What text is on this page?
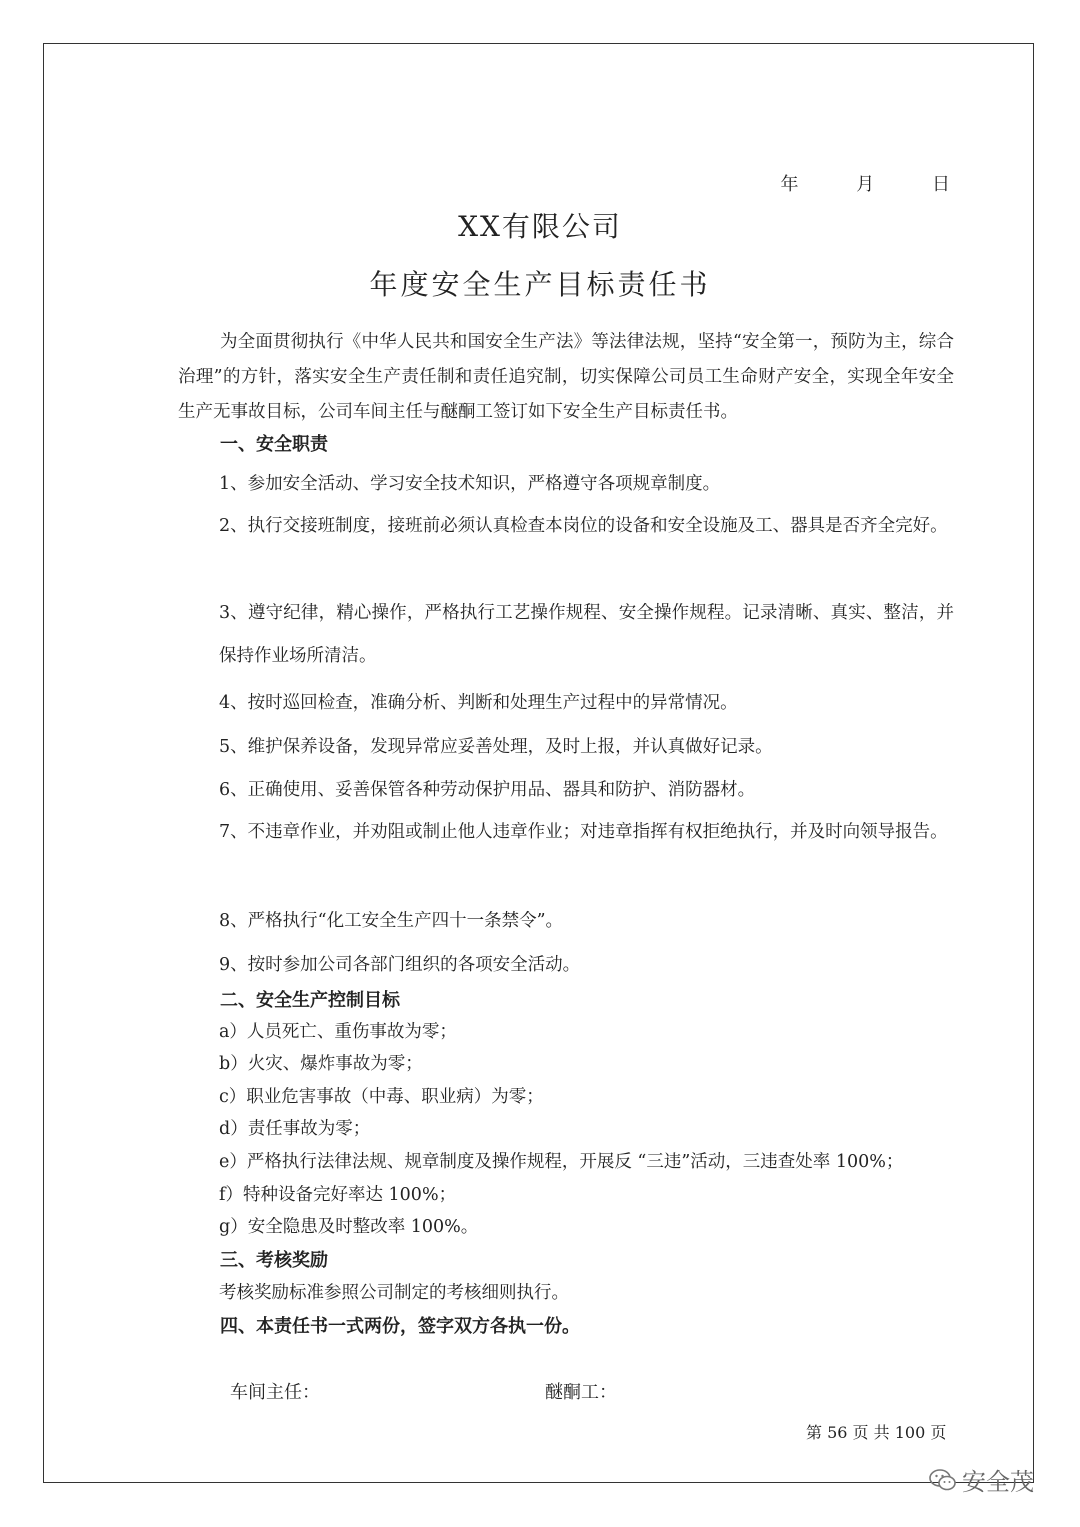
年	月	日
XX有限公司
年度安全生产目标责任书
为全面贯彻执行《中华人民共和国安全生产法》等法律法规，坚持“安全第一，预防为主，综合治理”的方针，落实安全生产责任制和责任追究制，切实保障公司员工生命财产安全，实现全年安全生产无事故目标，公司车间主任与醚酮工签订如下安全生产目标责任书。
一、安全职责
1、参加安全活动、学习安全技术知识，严格遵守各项规章制度。
2、执行交接班制度，接班前必须认真检查本岗位的设备和安全设施及工、器具是否齐全完好。
3、遵守纪律，精心操作，严格执行工艺操作规程、安全操作规程。记录清晰、真实、整洁，并保持作业场所清洁。
4、按时巡回检查，准确分析、判断和处理生产过程中的异常情况。
5、维护保养设备，发现异常应妥善处理，及时上报，并认真做好记录。
6、正确使用、妥善保管各种劳动保护用品、器具和防护、消防器材。
7、不违章作业，并劝阻或制止他人违章作业；对违章指挥有权拒绝执行，并及时向领导报告。
8、严格执行“化工安全生产四十一条禁令”。
9、按时参加公司各部门组织的各项安全活动。
二、安全生产控制目标
a）人员死亡、重伤事故为零；
b）火灾、爆炸事故为零；
c）职业危害事故（中毒、职业病）为零；
d）责任事故为零；
e）严格执行法律法规、规章制度及操作规程，开展反 “三违”活动，三违查处率 100%；
f）特种设备完好率达 100%；
g）安全隐患及时整改率 100%。
三、考核奖励
考核奖励标准参照公司制定的考核细则执行。
四、本责任书一式两份，签字双方各执一份。
车间主任：	醚酮工：
第 56 页 共 100 页
安全茂
